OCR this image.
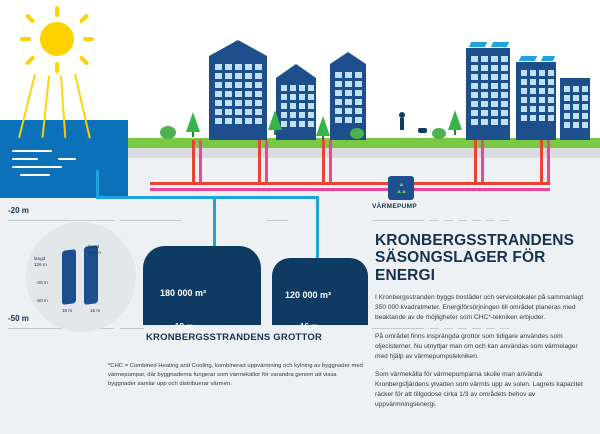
VÄRMEPUMP
-20 m
-50 m
180 000 m³	120 000 m³
18 m	16 m
KRONBERGSSTRANDENS GROTTOR
längd
126 m
längd
146 m
-20 m
-50 m
18 m	16 m
KRONBERGSSTRANDENS
SÄSONGSLAGER FÖR ENERGI

I Kronbergsstranden byggs bostäder och servicelokaler på sammanlagt 350 000 kvadratmeter. Energiförsörjningen till området planeras med beaktande av de möjligheter som CHC*-tekniken erbjuder.

På området finns insprängda grottor som tidigare användes som oljecisterner. Nu utnyttjar man om och kan användas som värmelager med hjälp av värmepumpstekniken.

Som värmekälla för värmepumparna skulle man använda Kronbergsfjärdens ytvatten som värmts upp av solen. Lagrets kapacitet räcker för att tillgodose cirka 1/3 av områdets behov av uppvärmningsenergi.

*CHC = Combined Heating and Cooling, kombinerad uppvärmning och kylning av byggnader med värmepumpar, där byggnaderna fungerar som värmekällor för varandra genom att vissa byggnader samlar upp och distribuerar värmen.
